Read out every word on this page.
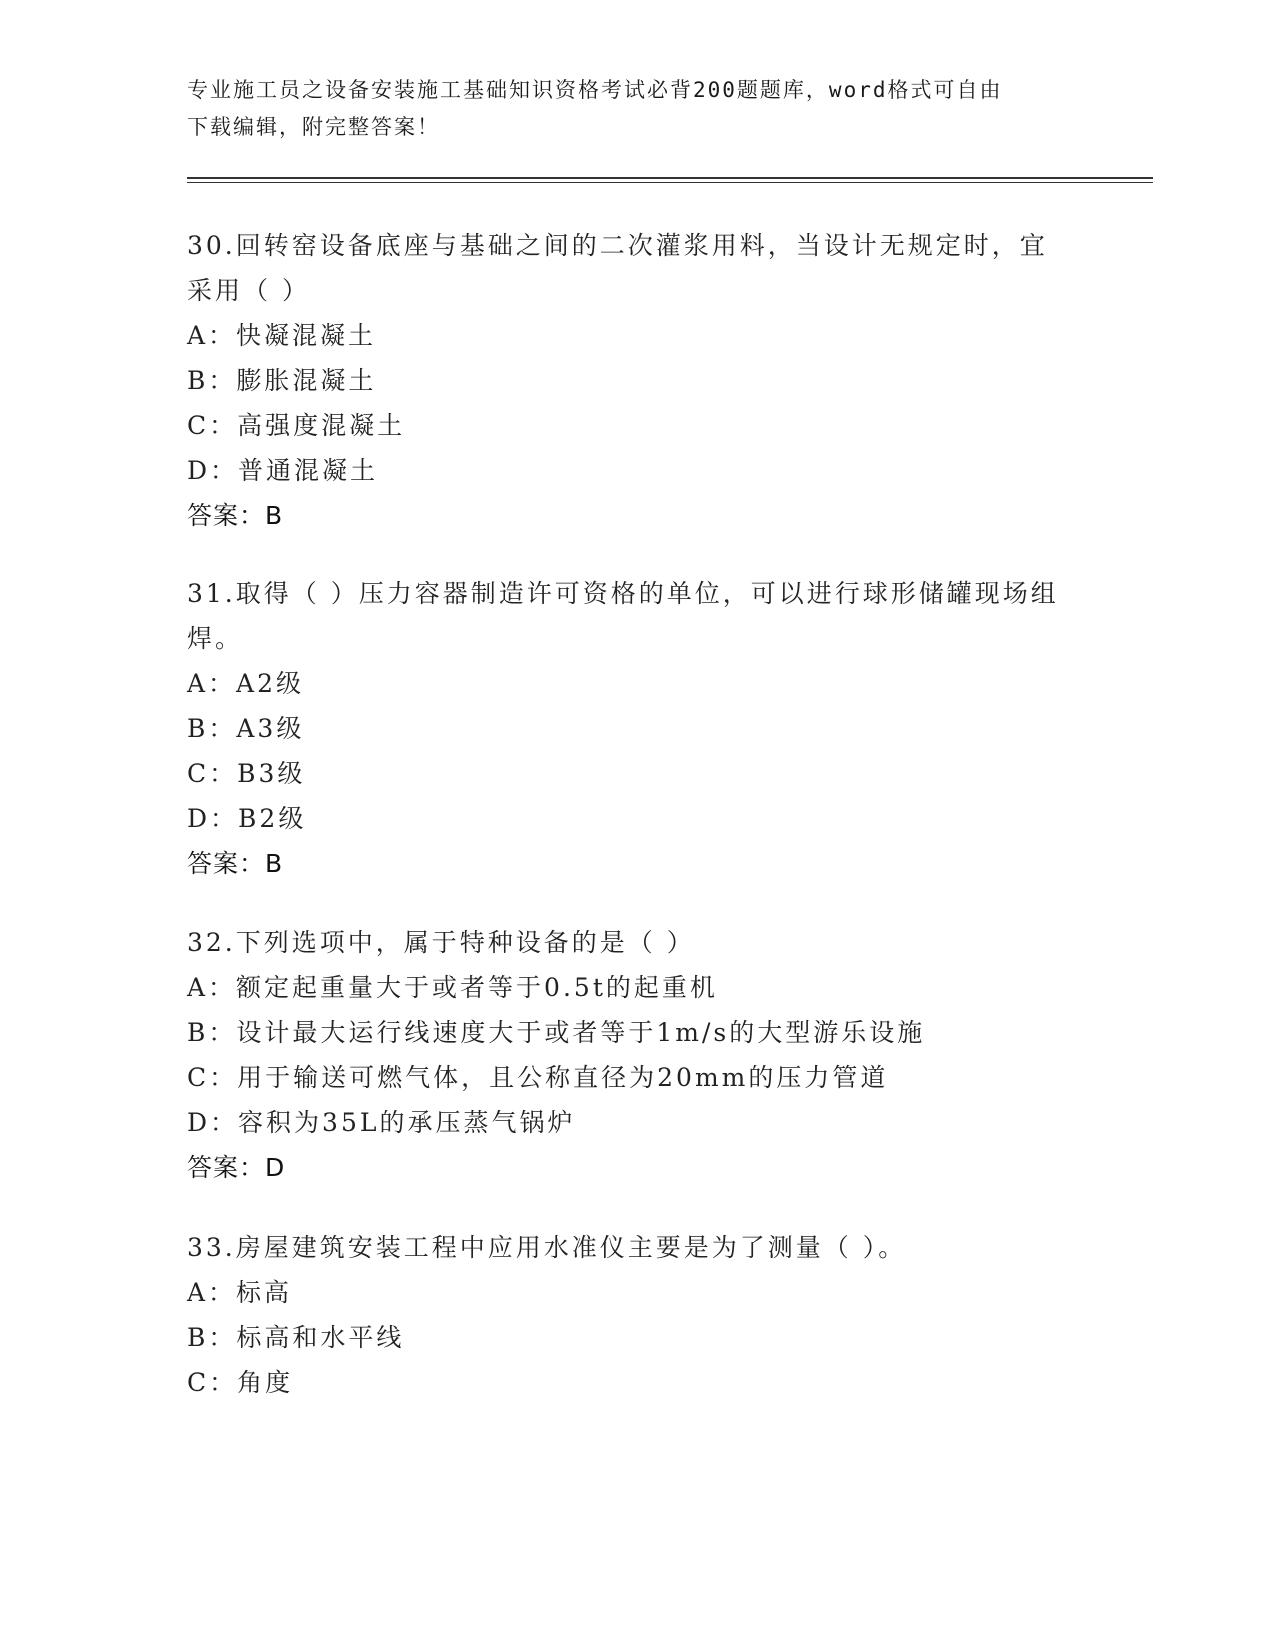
专业施工员之设备安装施工基础知识资格考试必背200题题库，word格式可自由
下载编辑，附完整答案！

30.回转窑设备底座与基础之间的二次灌浆用料，当设计无规定时，宜采用（ ）

A：快凝混凝土

B：膨胀混凝土

C：高强度混凝土

D：普通混凝土

答案：B

31.取得（ ）压力容器制造许可资格的单位，可以进行球形储罐现场组焊。

A：A2级

B：A3级

C：B3级

D：B2级

答案：B

32.下列选项中，属于特种设备的是（ ）

A：额定起重量大于或者等于0.5t的起重机

B：设计最大运行线速度大于或者等于1m/s的大型游乐设施

C：用于输送可燃气体，且公称直径为20mm的压力管道

D：容积为35L的承压蒸气锅炉

答案：D

33.房屋建筑安装工程中应用水准仪主要是为了测量（ ）。

A：标高

B：标高和水平线

C：角度
